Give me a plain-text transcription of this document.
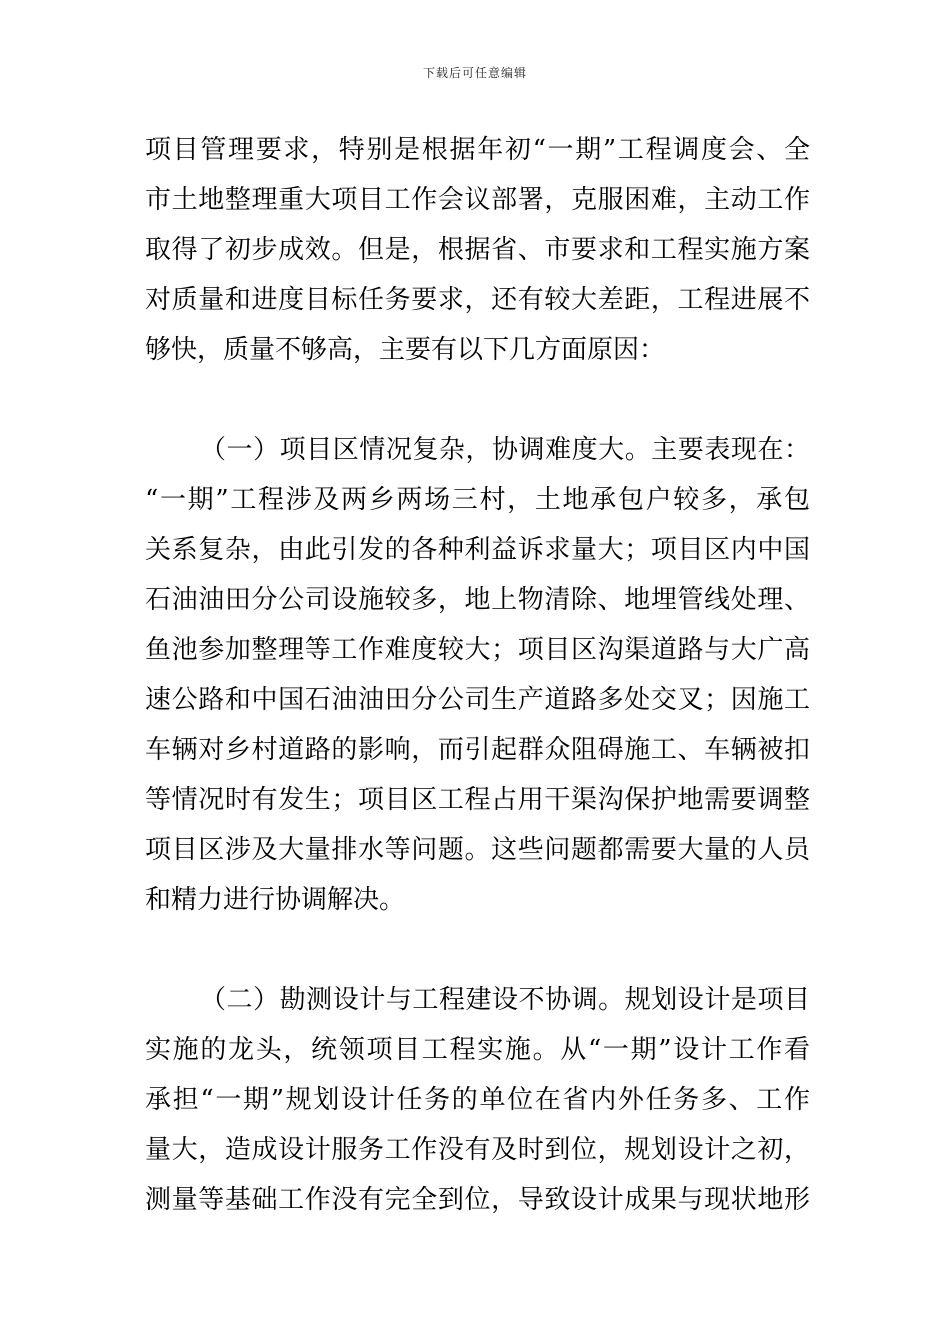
下载后可任意编辑
项目管理要求，特别是根据年初“一期”工程调度会、全
市土地整理重大项目工作会议部署，克服困难，主动工作
取得了初步成效。但是，根据省、市要求和工程实施方案
对质量和进度目标任务要求，还有较大差距，工程进展不
够快，质量不够高，主要有以下几方面原因：
（一）项目区情况复杂，协调难度大。主要表现在：
“一期”工程涉及两乡两场三村，土地承包户较多，承包
关系复杂，由此引发的各种利益诉求量大；项目区内中国
石油油田分公司设施较多，地上物清除、地埋管线处理、
鱼池参加整理等工作难度较大；项目区沟渠道路与大广高
速公路和中国石油油田分公司生产道路多处交叉；因施工
车辆对乡村道路的影响，而引起群众阻碍施工、车辆被扣
等情况时有发生；项目区工程占用干渠沟保护地需要调整
项目区涉及大量排水等问题。这些问题都需要大量的人员
和精力进行协调解决。
（二）勘测设计与工程建设不协调。规划设计是项目
实施的龙头，统领项目工程实施。从“一期”设计工作看
承担“一期”规划设计任务的单位在省内外任务多、工作
量大，造成设计服务工作没有及时到位，规划设计之初，
测量等基础工作没有完全到位，导致设计成果与现状地形
